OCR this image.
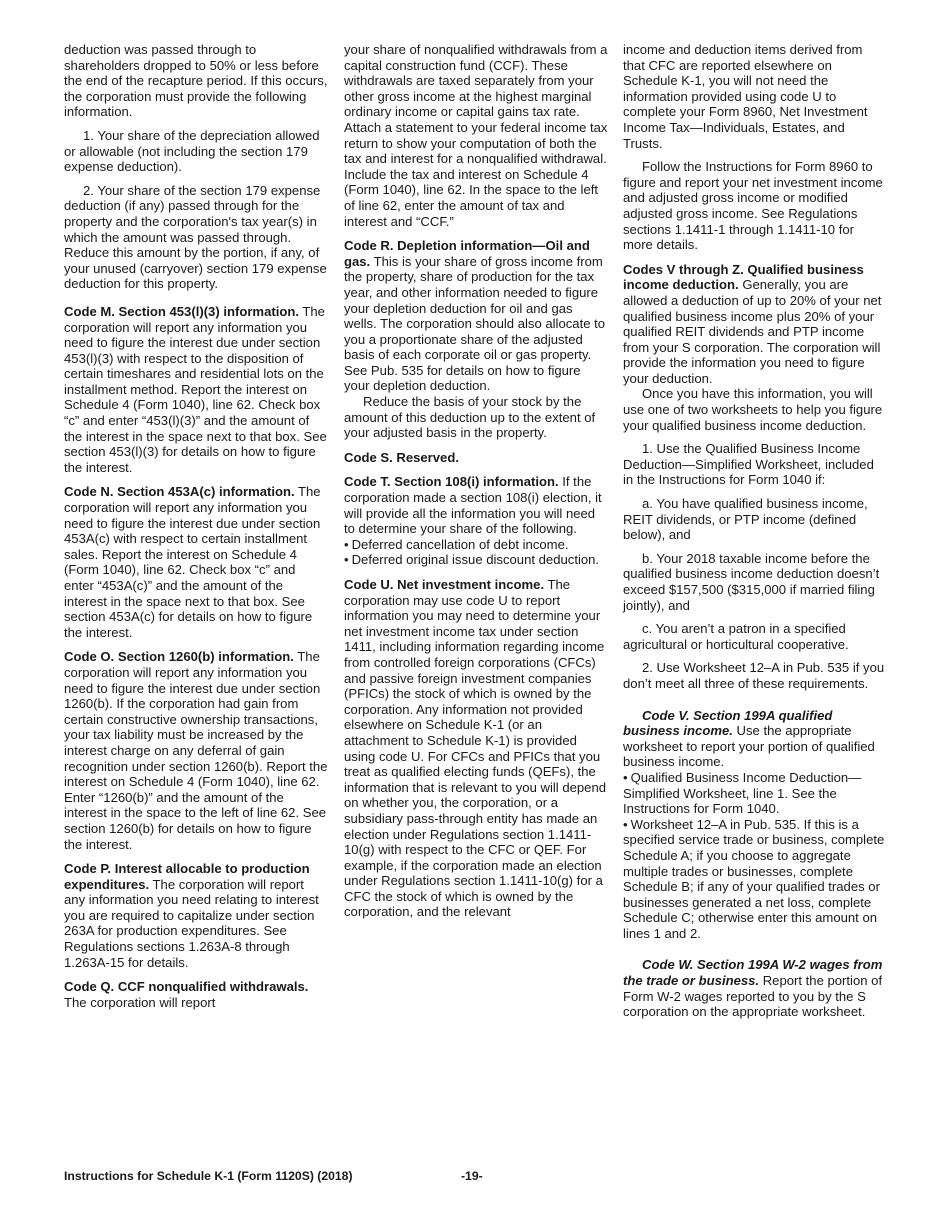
deduction was passed through to shareholders dropped to 50% or less before the end of the recapture period. If this occurs, the corporation must provide the following information.

1. Your share of the depreciation allowed or allowable (not including the section 179 expense deduction).

2. Your share of the section 179 expense deduction (if any) passed through for the property and the corporation's tax year(s) in which the amount was passed through. Reduce this amount by the portion, if any, of your unused (carryover) section 179 expense deduction for this property.

Code M. Section 453(l)(3) information. The corporation will report any information you need to figure the interest due under section 453(l)(3) with respect to the disposition of certain timeshares and residential lots on the installment method. Report the interest on Schedule 4 (Form 1040), line 62. Check box “c” and enter “453(l)(3)” and the amount of the interest in the space next to that box. See section 453(l)(3) for details on how to figure the interest.

Code N. Section 453A(c) information. The corporation will report any information you need to figure the interest due under section 453A(c) with respect to certain installment sales. Report the interest on Schedule 4 (Form 1040), line 62. Check box “c” and enter “453A(c)” and the amount of the interest in the space next to that box. See section 453A(c) for details on how to figure the interest.

Code O. Section 1260(b) information. The corporation will report any information you need to figure the interest due under section 1260(b). If the corporation had gain from certain constructive ownership transactions, your tax liability must be increased by the interest charge on any deferral of gain recognition under section 1260(b). Report the interest on Schedule 4 (Form 1040), line 62. Enter “1260(b)” and the amount of the interest in the space to the left of line 62. See section 1260(b) for details on how to figure the interest.

Code P. Interest allocable to production expenditures. The corporation will report any information you need relating to interest you are required to capitalize under section 263A for production expenditures. See Regulations sections 1.263A-8 through 1.263A-15 for details.

Code Q. CCF nonqualified withdrawals. The corporation will report

your share of nonqualified withdrawals from a capital construction fund (CCF). These withdrawals are taxed separately from your other gross income at the highest marginal ordinary income or capital gains tax rate. Attach a statement to your federal income tax return to show your computation of both the tax and interest for a nonqualified withdrawal. Include the tax and interest on Schedule 4 (Form 1040), line 62. In the space to the left of line 62, enter the amount of tax and interest and “CCF.”

Code R. Depletion information—Oil and gas. This is your share of gross income from the property, share of production for the tax year, and other information needed to figure your depletion deduction for oil and gas wells. The corporation should also allocate to you a proportionate share of the adjusted basis of each corporate oil or gas property. See Pub. 535 for details on how to figure your depletion deduction.

Reduce the basis of your stock by the amount of this deduction up to the extent of your adjusted basis in the property.

Code S. Reserved.

Code T. Section 108(i) information. If the corporation made a section 108(i) election, it will provide all the information you will need to determine your share of the following.

• Deferred cancellation of debt income.

• Deferred original issue discount deduction.

Code U. Net investment income. The corporation may use code U to report information you may need to determine your net investment income tax under section 1411, including information regarding income from controlled foreign corporations (CFCs) and passive foreign investment companies (PFICs) the stock of which is owned by the corporation. Any information not provided elsewhere on Schedule K-1 (or an attachment to Schedule K-1) is provided using code U. For CFCs and PFICs that you treat as qualified electing funds (QEFs), the information that is relevant to you will depend on whether you, the corporation, or a subsidiary pass-through entity has made an election under Regulations section 1.1411-10(g) with respect to the CFC or QEF. For example, if the corporation made an election under Regulations section 1.1411-10(g) for a CFC the stock of which is owned by the corporation, and the relevant

income and deduction items derived from that CFC are reported elsewhere on Schedule K-1, you will not need the information provided using code U to complete your Form 8960, Net Investment Income Tax—Individuals, Estates, and Trusts.

Follow the Instructions for Form 8960 to figure and report your net investment income and adjusted gross income or modified adjusted gross income. See Regulations sections 1.1411-1 through 1.1411-10 for more details.

Codes V through Z. Qualified business income deduction. Generally, you are allowed a deduction of up to 20% of your net qualified business income plus 20% of your qualified REIT dividends and PTP income from your S corporation. The corporation will provide the information you need to figure your deduction.

Once you have this information, you will use one of two worksheets to help you figure your qualified business income deduction.

1. Use the Qualified Business Income Deduction—Simplified Worksheet, included in the Instructions for Form 1040 if:

a. You have qualified business income, REIT dividends, or PTP income (defined below), and

b. Your 2018 taxable income before the qualified business income deduction doesn’t exceed $157,500 ($315,000 if married filing jointly), and

c. You aren’t a patron in a specified agricultural or horticultural cooperative.

2. Use Worksheet 12–A in Pub. 535 if you don’t meet all three of these requirements.

Code V. Section 199A qualified business income. Use the appropriate worksheet to report your portion of qualified business income.

• Qualified Business Income Deduction—Simplified Worksheet, line 1. See the Instructions for Form 1040.

• Worksheet 12–A in Pub. 535. If this is a specified service trade or business, complete Schedule A; if you choose to aggregate multiple trades or businesses, complete Schedule B; if any of your qualified trades or businesses generated a net loss, complete Schedule C; otherwise enter this amount on lines 1 and 2.

Code W. Section 199A W-2 wages from the trade or business. Report the portion of Form W-2 wages reported to you by the S corporation on the appropriate worksheet.

Instructions for Schedule K-1 (Form 1120S) (2018)	-19-
